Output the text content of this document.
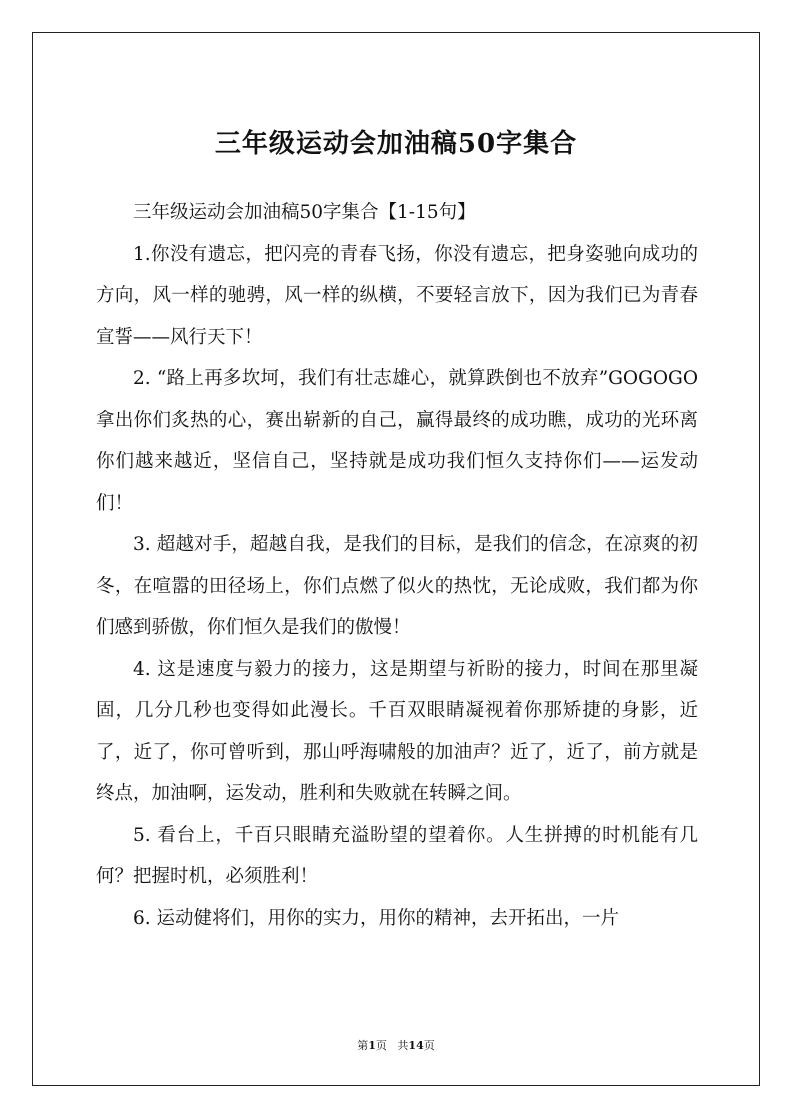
三年级运动会加油稿50字集合

三年级运动会加油稿50字集合【1-15句】

1.你没有遗忘，把闪亮的青春飞扬，你没有遗忘，把身姿驰向成功的方向，风一样的驰骋，风一样的纵横，不要轻言放下，因为我们已为青春宣誓——风行天下！

2. “路上再多坎坷，我们有壮志雄心，就算跌倒也不放弃”GOGOGO拿出你们炙热的心，赛出崭新的自己，赢得最终的成功瞧，成功的光环离你们越来越近，坚信自己，坚持就是成功我们恒久支持你们——运发动们！

3. 超越对手，超越自我，是我们的目标，是我们的信念，在凉爽的初冬，在喧嚣的田径场上，你们点燃了似火的热忱，无论成败，我们都为你们感到骄傲，你们恒久是我们的傲慢！

4. 这是速度与毅力的接力，这是期望与祈盼的接力，时间在那里凝固，几分几秒也变得如此漫长。千百双眼睛凝视着你那矫捷的身影，近了，近了，你可曾听到，那山呼海啸般的加油声？近了，近了，前方就是终点，加油啊，运发动，胜利和失败就在转瞬之间。

5. 看台上，千百只眼睛充溢盼望的望着你。人生拼搏的时机能有几何？把握时机，必须胜利！

6. 运动健将们，用你的实力，用你的精神，去开拓出，一片

第1页 共14页
